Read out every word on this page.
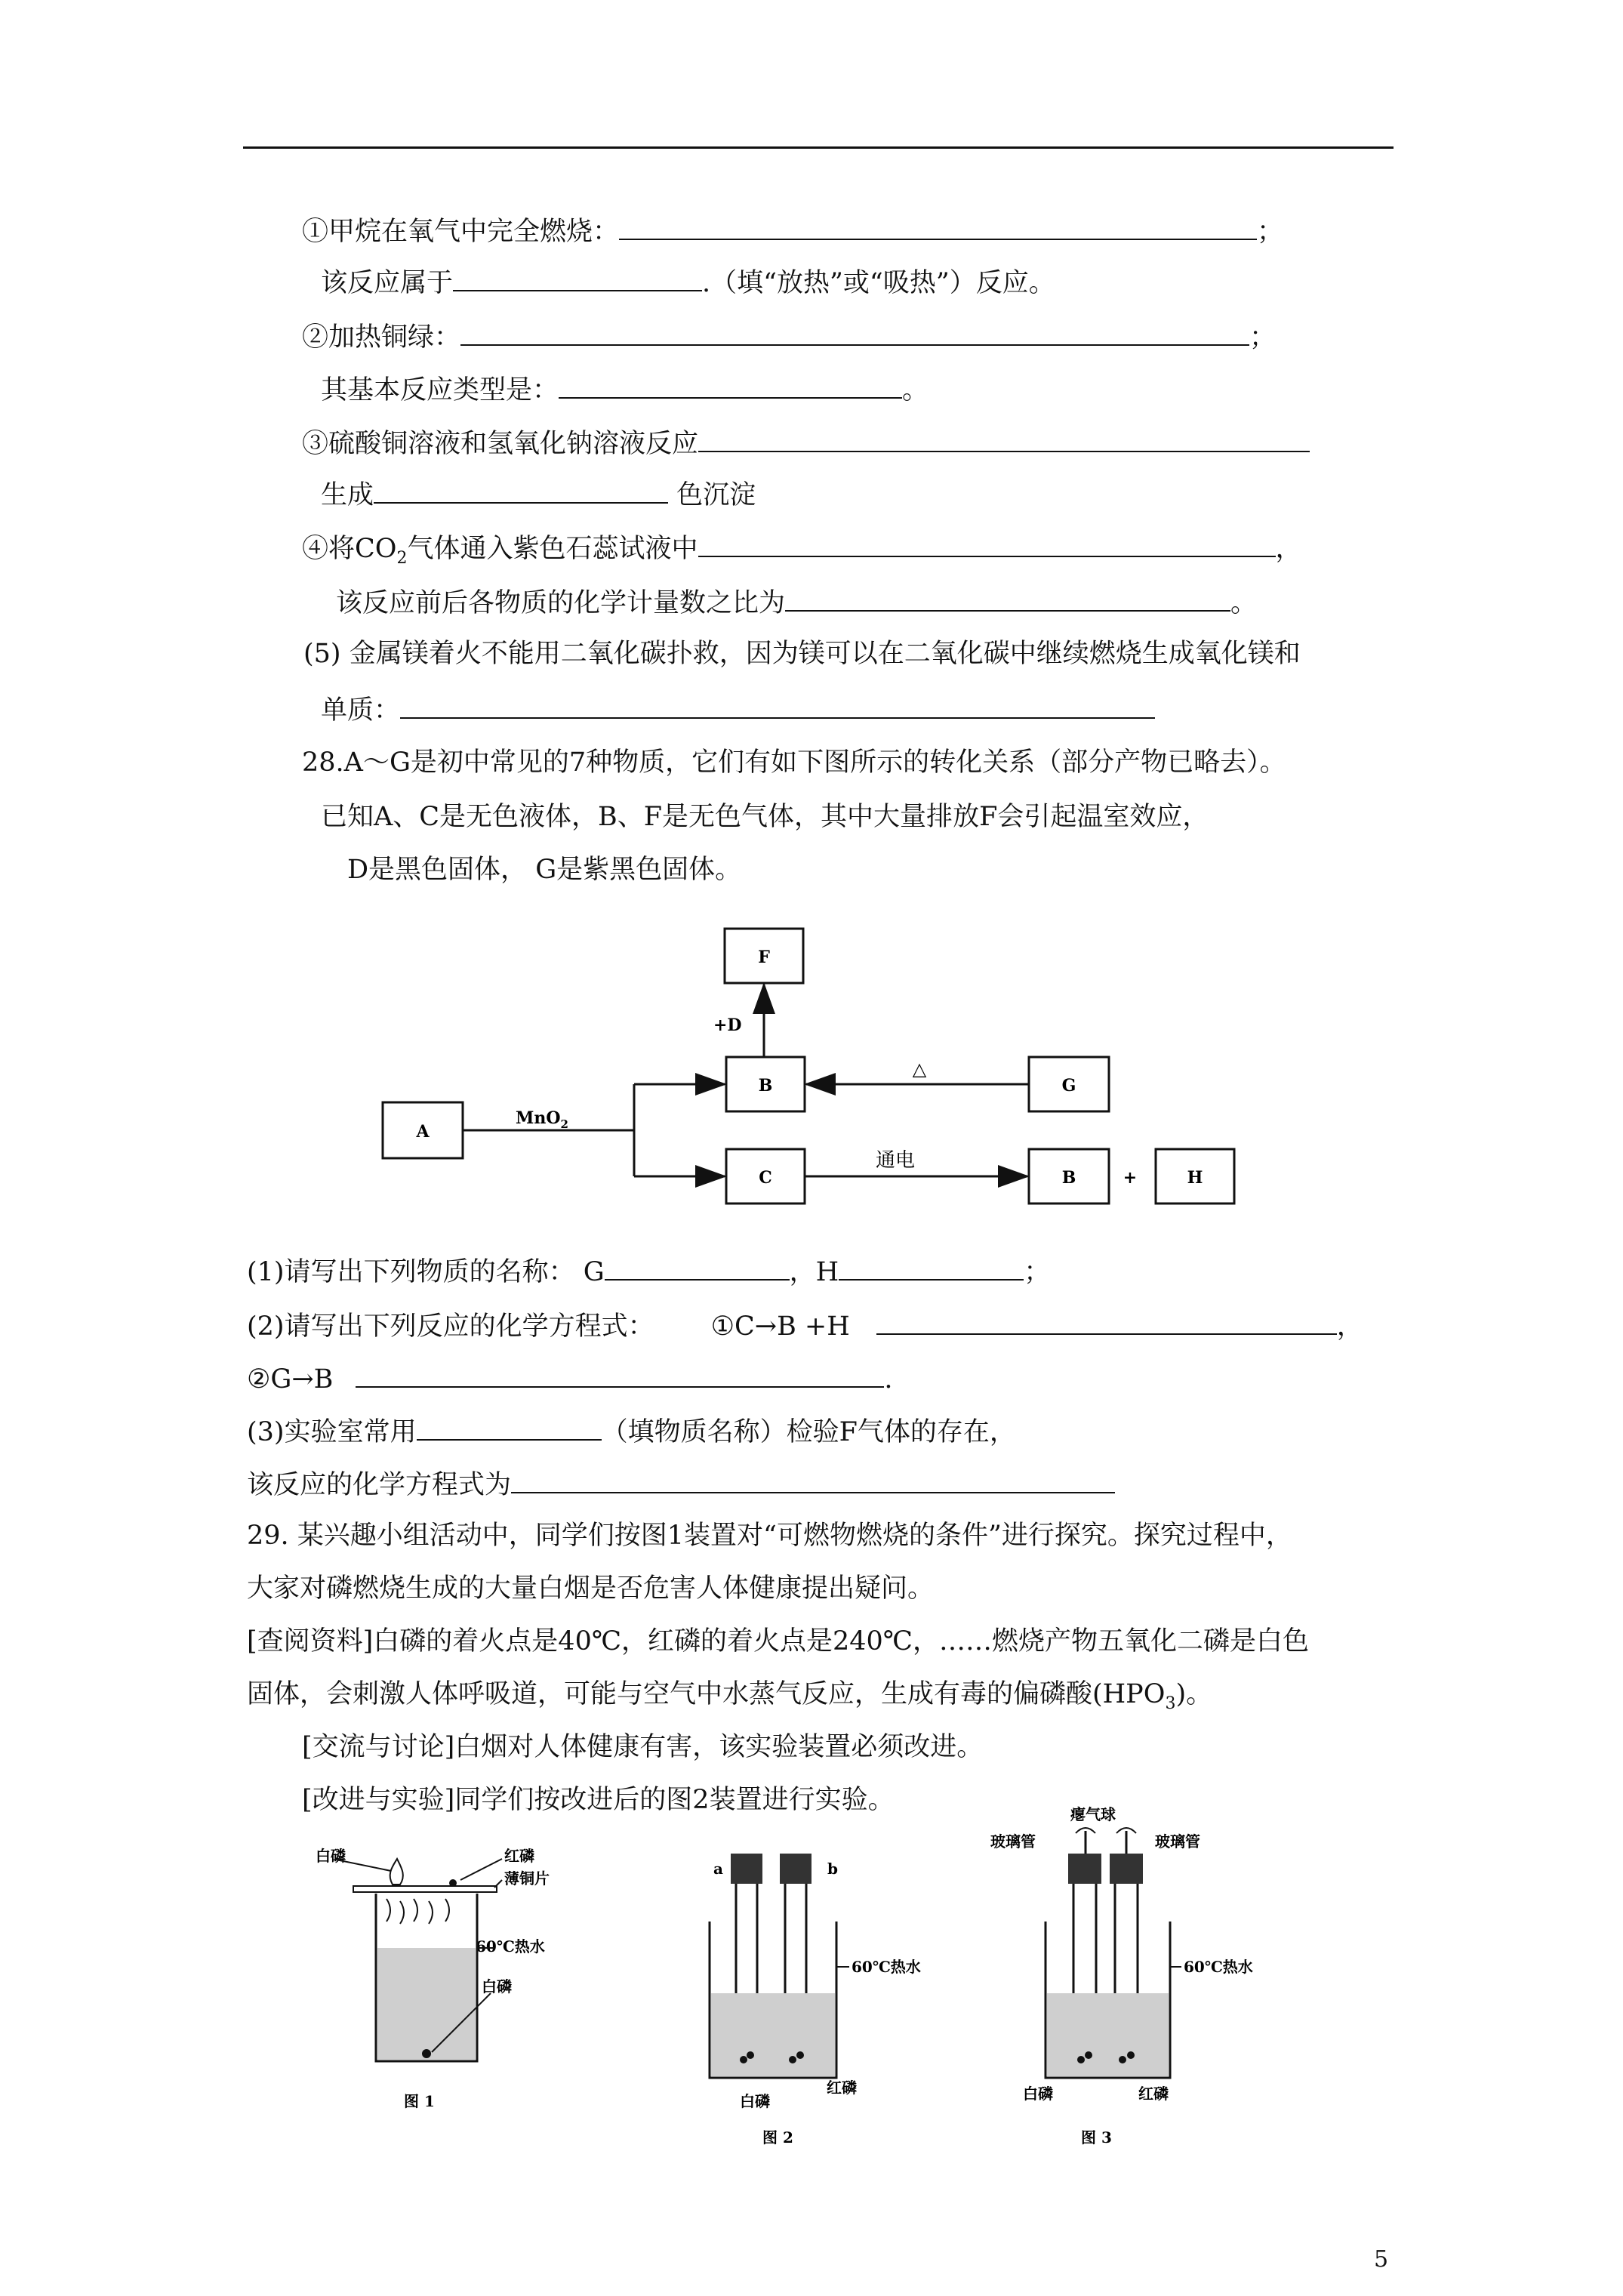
①甲烷在氧气中完全燃烧：	；
该反应属于	.（填“放热”或“吸热”）反应。
②加热铜绿：	；
其基本反应类型是：	。
③硫酸铜溶液和氢氧化钠溶液反应
生成	色沉淀
④将$CO_2$气体通入紫色石蕊试液中	，
该反应前后各物质的化学计量数之比为	。
(5) 金属镁着火不能用二氧化碳扑救，因为镁可以在二氧化碳中继续燃烧生成氧化镁和
单质：
28.A～G是初中常见的7种物质，它们有如下图所示的转化关系（部分产物已略去）。
已知A、C是无色液体，B、F是无色气体，其中大量排放F会引起温室效应，
D是黑色固体， G是紫黑色固体。
F
B	G
A
C	B	+	H
+D
△
MnO$_2$
通电
(1)请写出下列物质的名称： G	，H	；
(2)请写出下列反应的化学方程式： ①C→B +H	，
②G→B	.
(3)实验室常用	（填物质名称）检验F气体的存在，
该反应的化学方程式为
29. 某兴趣小组活动中，同学们按图1装置对“可燃物燃烧的条件”进行探究。探究过程中，
大家对磷燃烧生成的大量白烟是否危害人体健康提出疑问。
[查阅资料]白磷的着火点是40℃，红磷的着火点是240℃，……燃烧产物五氧化二磷是白色
固体，会刺激人体呼吸道，可能与空气中水蒸气反应，生成有毒的偏磷酸$(HPO_3)$。
[交流与讨论]白烟对人体健康有害，该实验装置必须改进。
[改进与实验]同学们按改进后的图2装置进行实验。
白磷	红磷
薄铜片
60℃热水
白磷
图 1
a	b
60℃热水
白磷
红磷
图 2
瘪气球
玻璃管	玻璃管
60℃热水
白磷	红磷
图 3
5
